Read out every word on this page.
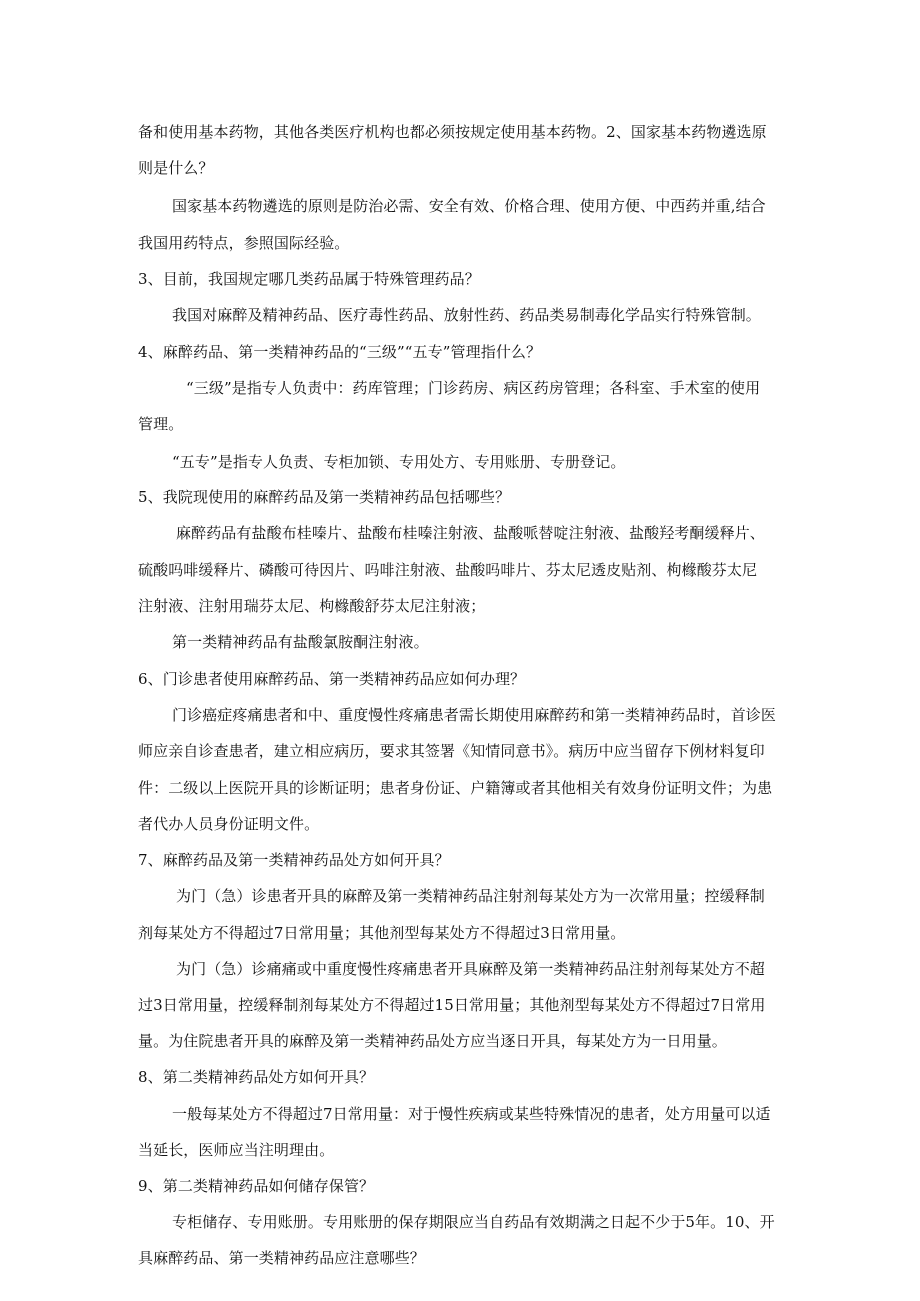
备和使用基本药物，其他各类医疗机构也都必须按规定使用基本药物。2、国家基本药物遴选原
则是什么？
国家基本药物遴选的原则是防治必需、安全有效、价格合理、使用方便、中西药并重,结合
我国用药特点，参照国际经验。
3、目前，我国规定哪几类药品属于特殊管理药品？
我国对麻醉及精神药品、医疗毒性药品、放射性药、药品类易制毒化学品实行特殊管制。
4、麻醉药品、第一类精神药品的“三级”“五专”管理指什么？
“三级”是指专人负责中：药库管理；门诊药房、病区药房管理；各科室、手术室的使用
管理。
“五专”是指专人负责、专柜加锁、专用处方、专用账册、专册登记。
5、我院现使用的麻醉药品及第一类精神药品包括哪些？
麻醉药品有盐酸布桂嗪片、盐酸布桂嗪注射液、盐酸哌替啶注射液、盐酸羟考酮缓释片、
硫酸吗啡缓释片、磷酸可待因片、吗啡注射液、盐酸吗啡片、芬太尼透皮贴剂、枸橼酸芬太尼
注射液、注射用瑞芬太尼、枸橼酸舒芬太尼注射液；
第一类精神药品有盐酸氯胺酮注射液。
6、门诊患者使用麻醉药品、第一类精神药品应如何办理？
门诊癌症疼痛患者和中、重度慢性疼痛患者需长期使用麻醉药和第一类精神药品时，首诊医
师应亲自诊查患者，建立相应病历，要求其签署《知情同意书》。病历中应当留存下例材料复印
件：二级以上医院开具的诊断证明；患者身份证、户籍簿或者其他相关有效身份证明文件；为患
者代办人员身份证明文件。
7、麻醉药品及第一类精神药品处方如何开具？
为门（急）诊患者开具的麻醉及第一类精神药品注射剂每某处方为一次常用量；控缓释制
剂每某处方不得超过7日常用量；其他剂型每某处方不得超过3日常用量。
为门（急）诊痛痛或中重度慢性疼痛患者开具麻醉及第一类精神药品注射剂每某处方不超
过3日常用量，控缓释制剂每某处方不得超过15日常用量；其他剂型每某处方不得超过7日常用
量。为住院患者开具的麻醉及第一类精神药品处方应当逐日开具，每某处方为一日用量。
8、第二类精神药品处方如何开具？
一般每某处方不得超过7日常用量：对于慢性疾病或某些特殊情况的患者，处方用量可以适
当延长，医师应当注明理由。
9、第二类精神药品如何储存保管？
专柜储存、专用账册。专用账册的保存期限应当自药品有效期满之日起不少于5年。10、开
具麻醉药品、第一类精神药品应注意哪些？
